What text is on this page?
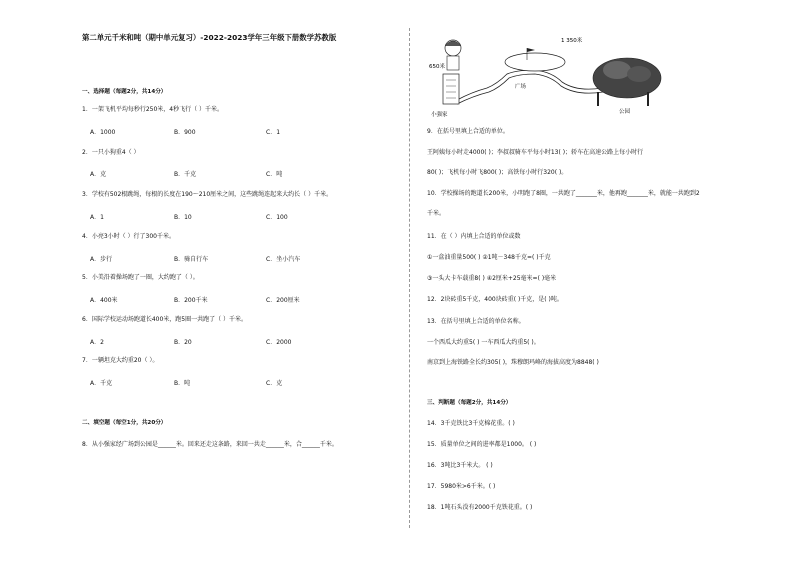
第二单元千米和吨（期中单元复习）-2022-2023学年三年级下册数学苏教版
一、选择题（每题2分，共14分）
1．一架飞机平均每秒行250米，4秒飞行（ ）千米。
A．1000	B．900	C．1
2．一只小狗重4（ ）
A．克	B．千克	C．吨
3．学校有502根跳绳，每根的长度在190～210厘米之间，这些跳绳连起来大约长（ ）千米。
A．1	B．10	C．100
4．小亮3小时（ ）行了300千米。
A．步行	B．骑自行车	C．坐小汽车
5．小美沿着操场跑了一圈，大约跑了（ ）。
A．400米	B．200千米	C．200厘米
6．国际学校运动场跑道长400米，跑5圈一共跑了（ ）千米。
A．2	B．20	C．2000
7．一辆坦克大约重20（ ）。
A．千克	B．吨	C．克
二、填空题（每空1分，共20分）
8．从小强家经广场到公园是______米。回来还走这条路，来回一共走______米，合______千米。
650米
1 350米
小强家
广场
公园
9．在括号里填上合适的单位。
王阿姨每小时走4000( )；李叔叔骑车平每小时13( )；轿车在高速公路上每小时行
80( )；飞机每小时飞800( )；高铁每小时行320( )。
10．学校操场的跑道长200米，小明跑了8圈，一共跑了_______米，他再跑_______米，就能一共跑到2
千米。
11．在（ ）内填上合适的单位或数
①一盒油重量500( ) ②1吨－348千克=( )千克
③一头大卡车载重8( ) ④2厘米+25毫米=( )毫米
12．2块砖重5千克，400块砖重( )千克，是( )吨。
13．在括号里填上合适的单位名称。
一个西瓜大约重5( ) 一车西瓜大约重5( )。
南京到上海铁路全长约305( )，珠穆朗玛峰的海拔高度为8848( )
三、判断题（每题2分，共14分）
14．3千克铁比3千克棉花重。( )
15．质量单位之间的进率都是1000。 ( )
16．3吨比3千米大。 ( )
17．5980米>6千米。( )
18．1吨石头没有2000千克铁花重。( )
